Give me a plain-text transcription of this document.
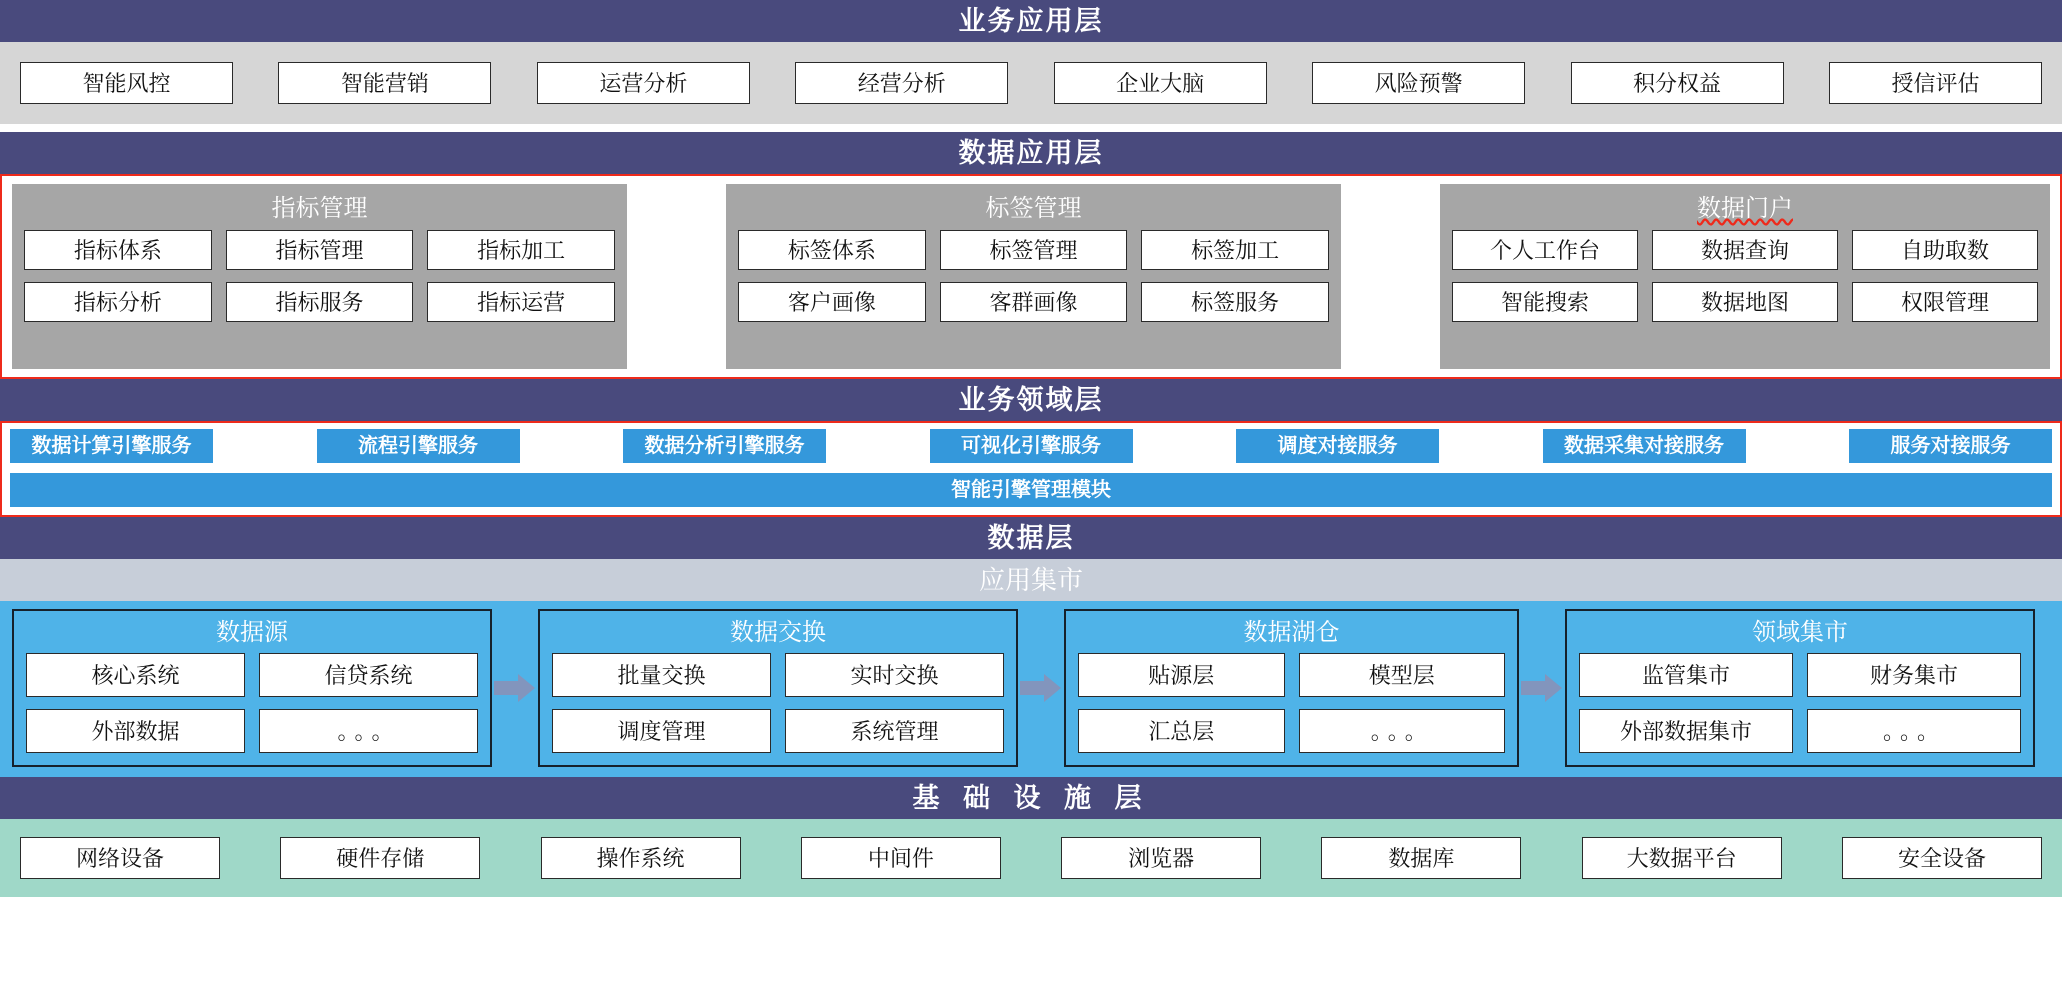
业务应用层
智能风控	智能营销	运营分析	经营分析	企业大脑	风险预警	积分权益	授信评估
数据应用层
指标管理
指标体系	指标管理	指标加工
指标分析	指标服务	指标运营
标签管理
标签体系	标签管理	标签加工
客户画像	客群画像	标签服务
数据门户
个人工作台	数据查询	自助取数
智能搜索	数据地图	权限管理
业务领域层
数据计算引擎服务	流程引擎服务	数据分析引擎服务	可视化引擎服务	调度对接服务	数据采集对接服务	服务对接服务
智能引擎管理模块
数据层
应用集市
数据源
核心系统	信贷系统
外部数据	。。。
数据交换
批量交换	实时交换
调度管理	系统管理
数据湖仓
贴源层	模型层
汇总层	。。。
领域集市
监管集市	财务集市
外部数据集市	。。。
基 础 设 施 层
网络设备	硬件存储	操作系统	中间件	浏览器	数据库	大数据平台	安全设备
